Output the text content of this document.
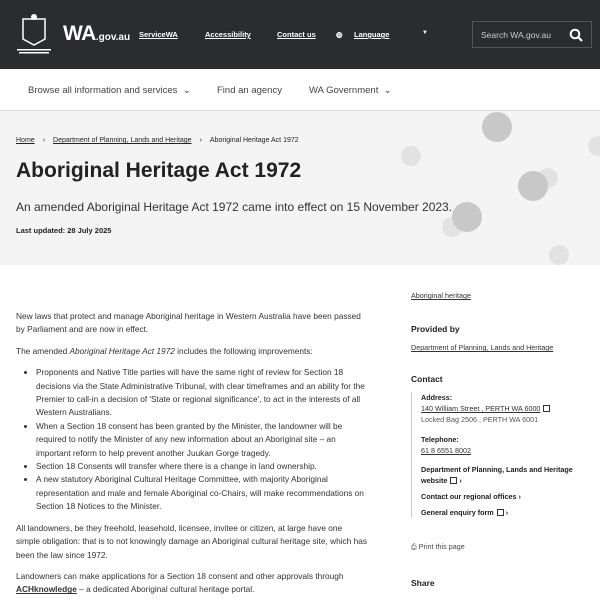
WA.gov.au ServiceWA	Accessibility	Contact us	◍ Language	▼	Search WA.gov.au
Browse all information and services  ⌄	Find an agency	WA Government  ⌄
Home › Department of Planning, Lands and Heritage › Aboriginal Heritage Act 1972
Aboriginal Heritage Act 1972
An amended Aboriginal Heritage Act 1972 came into effect on 15 November 2023.
Last updated: 28 July 2025

New laws that protect and manage Aboriginal heritage in Western Australia have been passed by Parliament and are now in effect.

The amended Aboriginal Heritage Act 1972 includes the following improvements:

• Proponents and Native Title parties will have the same right of review for Section 18 decisions via the State Administrative Tribunal, with clear timeframes and an ability for the Premier to call-in a decision of 'State or regional significance', to act in the interests of all Western Australians.
• When a Section 18 consent has been granted by the Minister, the landowner will be required to notify the Minister of any new information about an Aboriginal site – an important reform to help prevent another Juukan Gorge tragedy.
• Section 18 Consents will transfer where there is a change in land ownership.
• A new statutory Aboriginal Cultural Heritage Committee, with majority Aboriginal representation and male and female Aboriginal co-Chairs, will make recommendations on Section 18 Notices to the Minister.

All landowners, be they freehold, leasehold, licensee, invitee or citizen, at large have one simple obligation: that is to not knowingly damage an Aboriginal cultural heritage site, which has been the law since 1972.

Landowners can make applications for a Section 18 consent and other approvals through ACHknowledge – a dedicated Aboriginal cultural heritage portal.

Aboriginal heritage
Provided by
Department of Planning, Lands and Heritage
Contact
Address:
140 William Street , PERTH WA 6000
Locked Bag 2506 , PERTH WA 6001
Telephone:
61 8 6551 8002
Department of Planning, Lands and Heritage
website ›
Contact our regional offices ›
General enquiry form ›
⎙ Print this page
Share
